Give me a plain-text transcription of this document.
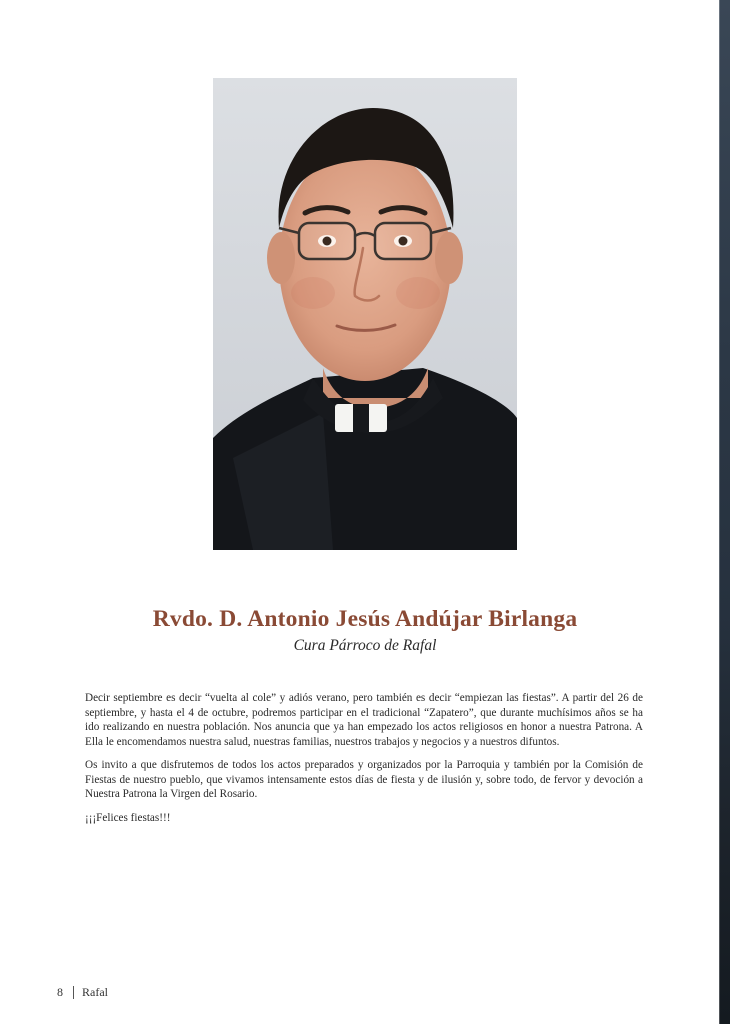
Rvdo. D. Antonio Jesús Andújar Birlanga
Cura Párroco de Rafal

Decir septiembre es decir “vuelta al cole” y adiós verano, pero también es decir “empiezan las fiestas”. A partir del 26 de septiembre, y hasta el 4 de octubre, podremos participar en el tradicional “Zapatero”, que durante muchísimos años se ha ido realizando en nuestra población. Nos anuncia que ya han empezado los actos religiosos en honor a nuestra Patrona. A Ella le encomendamos nuestra salud, nuestras familias, nuestros trabajos y negocios y a nuestros difuntos.

Os invito a que disfrutemos de todos los actos preparados y organizados por la Parroquia y también por la Comisión de Fiestas de nuestro pueblo, que vivamos intensamente estos días de fiesta y de ilusión y, sobre todo, de fervor y devoción a Nuestra Patrona la Virgen del Rosario.

¡¡¡Felices fiestas!!!

8 Rafal
